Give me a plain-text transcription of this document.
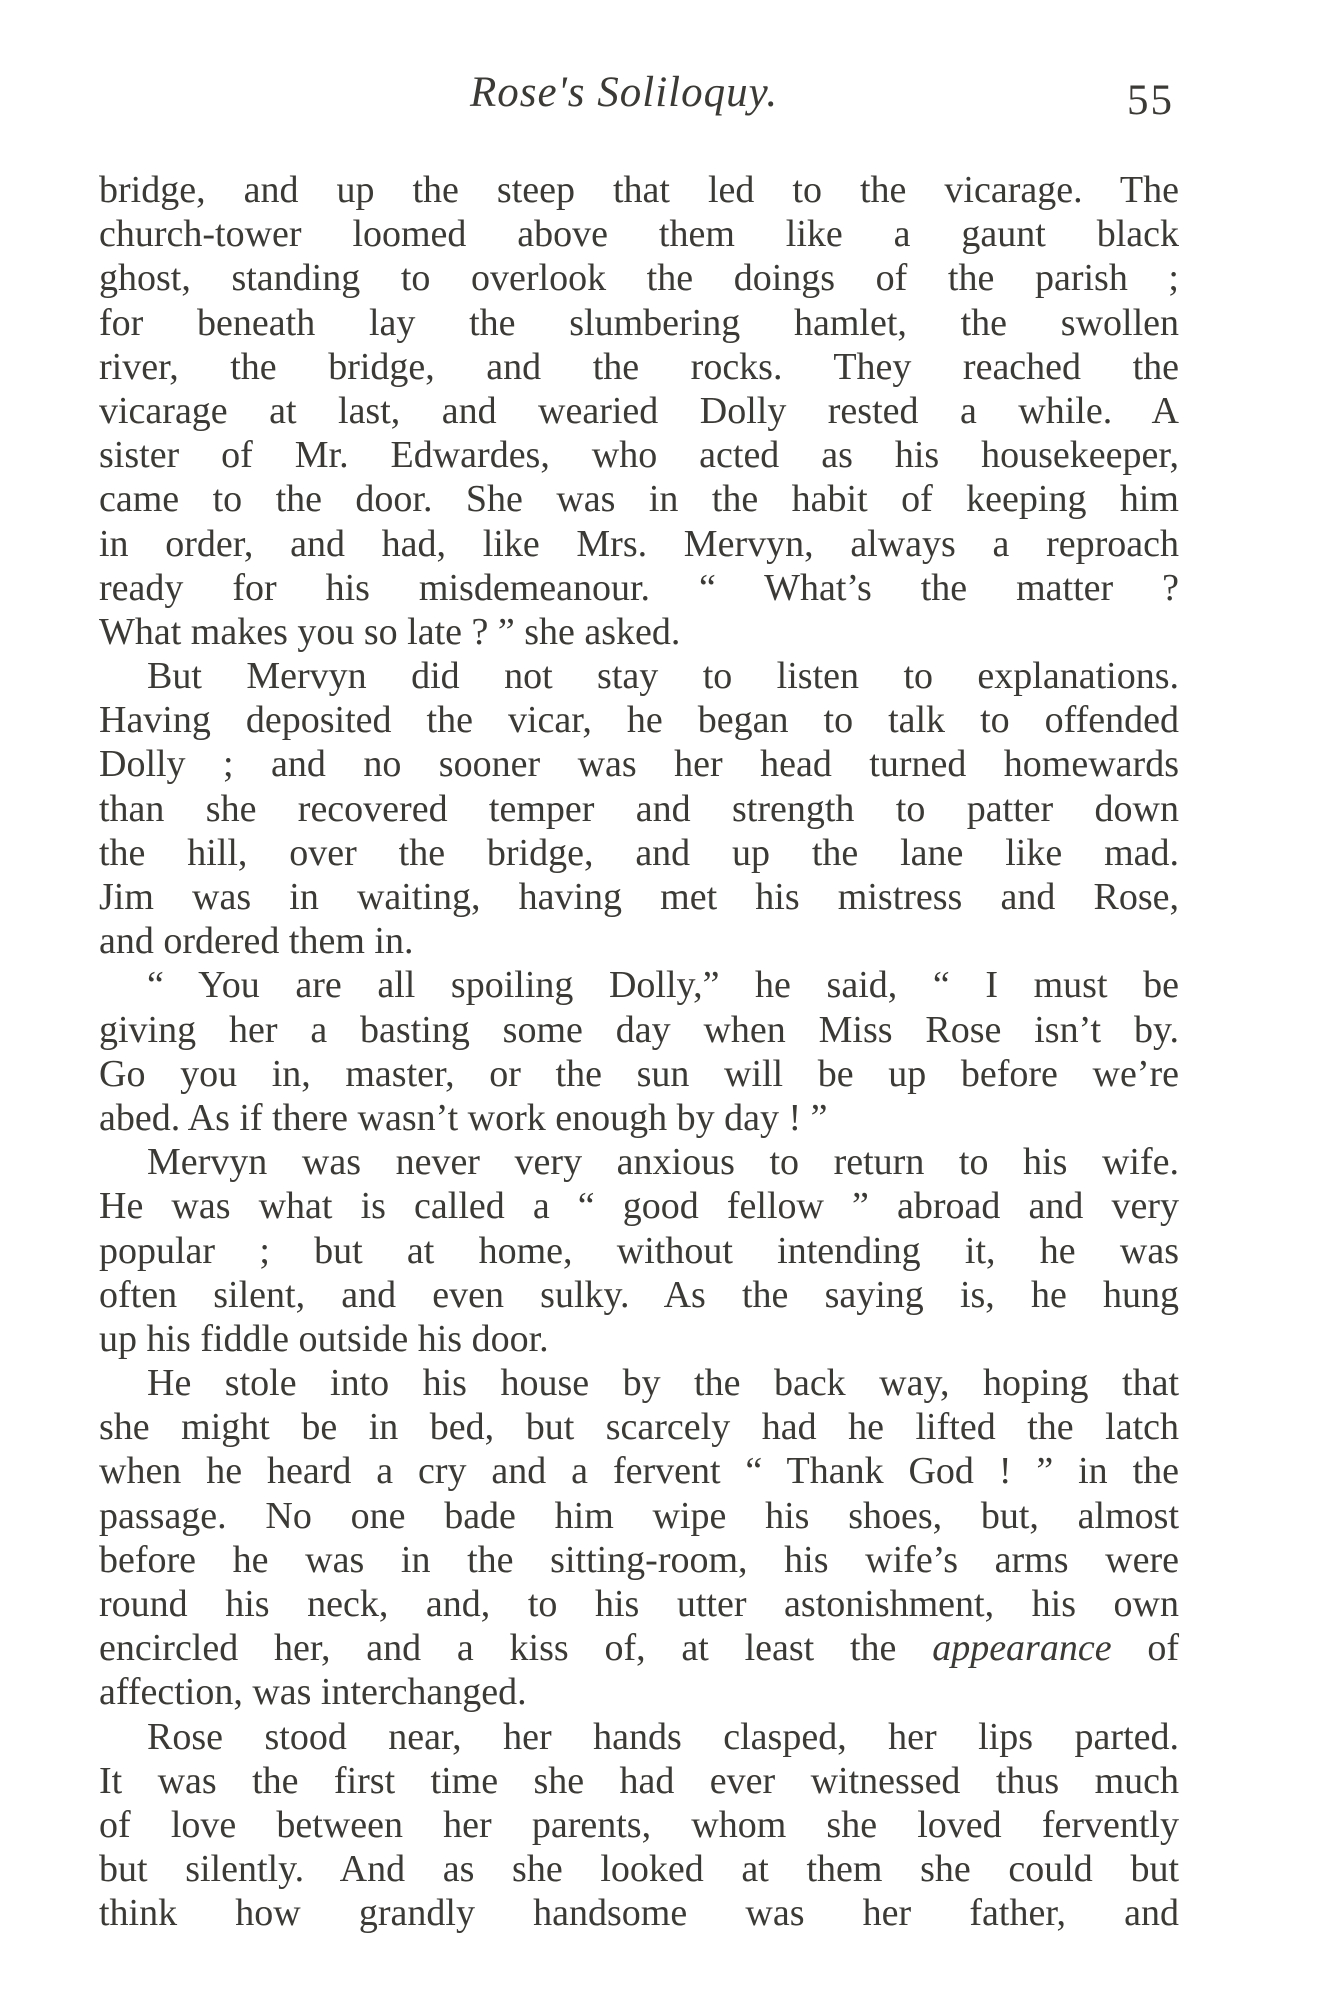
Rose's Soliloquy.	55
bridge, and up the steep that led to the vicarage. The
church-tower loomed above them like a gaunt black
ghost, standing to overlook the doings of the parish ;
for beneath lay the slumbering hamlet, the swollen
river, the bridge, and the rocks. They reached the
vicarage at last, and wearied Dolly rested a while. A
sister of Mr. Edwardes, who acted as his housekeeper,
came to the door. She was in the habit of keeping him
in order, and had, like Mrs. Mervyn, always a reproach
ready for his misdemeanour. “ What’s the matter ?
What makes you so late ? ” she asked.
But Mervyn did not stay to listen to explanations.
Having deposited the vicar, he began to talk to offended
Dolly ; and no sooner was her head turned homewards
than she recovered temper and strength to patter down
the hill, over the bridge, and up the lane like mad.
Jim was in waiting, having met his mistress and Rose,
and ordered them in.
“ You are all spoiling Dolly,” he said, “ I must be
giving her a basting some day when Miss Rose isn’t by.
Go you in, master, or the sun will be up before we’re
abed. As if there wasn’t work enough by day ! ”
Mervyn was never very anxious to return to his wife.
He was what is called a “ good fellow ” abroad and very
popular ; but at home, without intending it, he was
often silent, and even sulky. As the saying is, he hung
up his fiddle outside his door.
He stole into his house by the back way, hoping that
she might be in bed, but scarcely had he lifted the latch
when he heard a cry and a fervent “ Thank God ! ” in the
passage. No one bade him wipe his shoes, but, almost
before he was in the sitting-room, his wife’s arms were
round his neck, and, to his utter astonishment, his own
encircled her, and a kiss of, at least the appearance of
affection, was interchanged.
Rose stood near, her hands clasped, her lips parted.
It was the first time she had ever witnessed thus much
of love between her parents, whom she loved fervently
but silently. And as she looked at them she could but
think how grandly handsome was her father, and
